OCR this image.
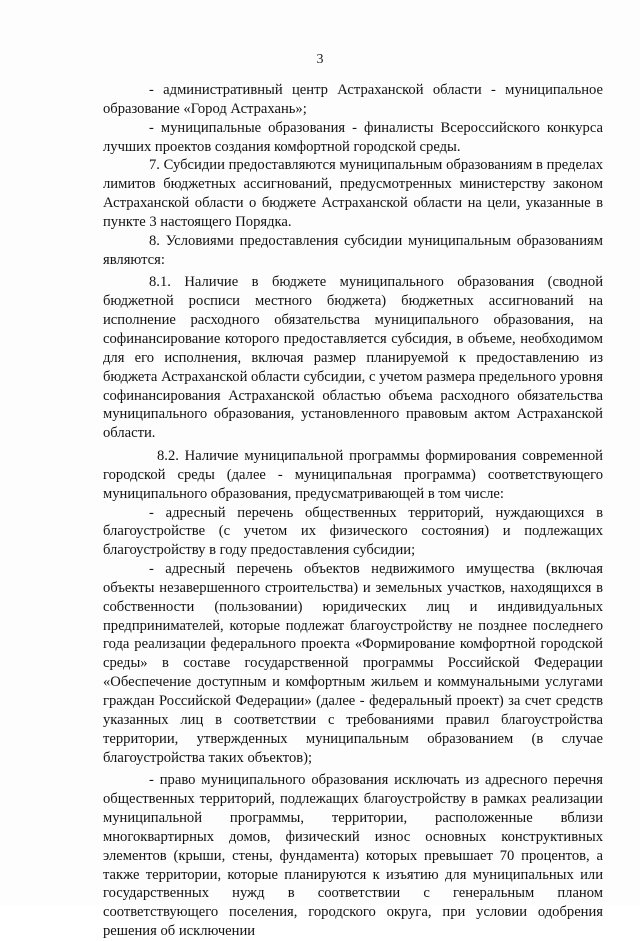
3

- административный центр Астраханской области - муниципальное образование «Город Астрахань»;

- муниципальные образования - финалисты Всероссийского конкурса лучших проектов создания комфортной городской среды.

7. Субсидии предоставляются муниципальным образованиям в пределах лимитов бюджетных ассигнований, предусмотренных министерству законом Астраханской области о бюджете Астраханской области на цели, указанные в пункте 3 настоящего Порядка.

8. Условиями предоставления субсидии муниципальным образованиям являются:

8.1. Наличие в бюджете муниципального образования (сводной бюджетной росписи местного бюджета) бюджетных ассигнований на исполнение расходного обязательства муниципального образования, на софинансирование которого предоставляется субсидия, в объеме, необходимом для его исполнения, включая размер планируемой к предоставлению из бюджета Астраханской области субсидии, с учетом размера предельного уровня софинансирования Астраханской областью объема расходного обязательства муниципального образования, установленного правовым актом Астраханской области.

8.2. Наличие муниципальной программы формирования современной городской среды (далее - муниципальная программа) соответствующего муниципального образования, предусматривающей в том числе:

- адресный перечень общественных территорий, нуждающихся в благоустройстве (с учетом их физического состояния) и подлежащих благоустройству в году предоставления субсидии;

- адресный перечень объектов недвижимого имущества (включая объекты незавершенного строительства) и земельных участков, находящихся в собственности (пользовании) юридических лиц и индивидуальных предпринимателей, которые подлежат благоустройству не позднее последнего года реализации федерального проекта «Формирование комфортной городской среды» в составе государственной программы Российской Федерации «Обеспечение доступным и комфортным жильем и коммунальными услугами граждан Российской Федерации» (далее - федеральный проект) за счет средств указанных лиц в соответствии с требованиями правил благоустройства территории, утвержденных муниципальным образованием (в случае благоустройства таких объектов);

- право муниципального образования исключать из адресного перечня общественных территорий, подлежащих благоустройству в рамках реализации муниципальной программы, территории, расположенные вблизи многоквартирных домов, физический износ основных конструктивных элементов (крыши, стены, фундамента) которых превышает 70 процентов, а также территории, которые планируются к изъятию для муниципальных или государственных нужд в соответствии с генеральным планом соответствующего поселения, городского округа, при условии одобрения решения об исключении
